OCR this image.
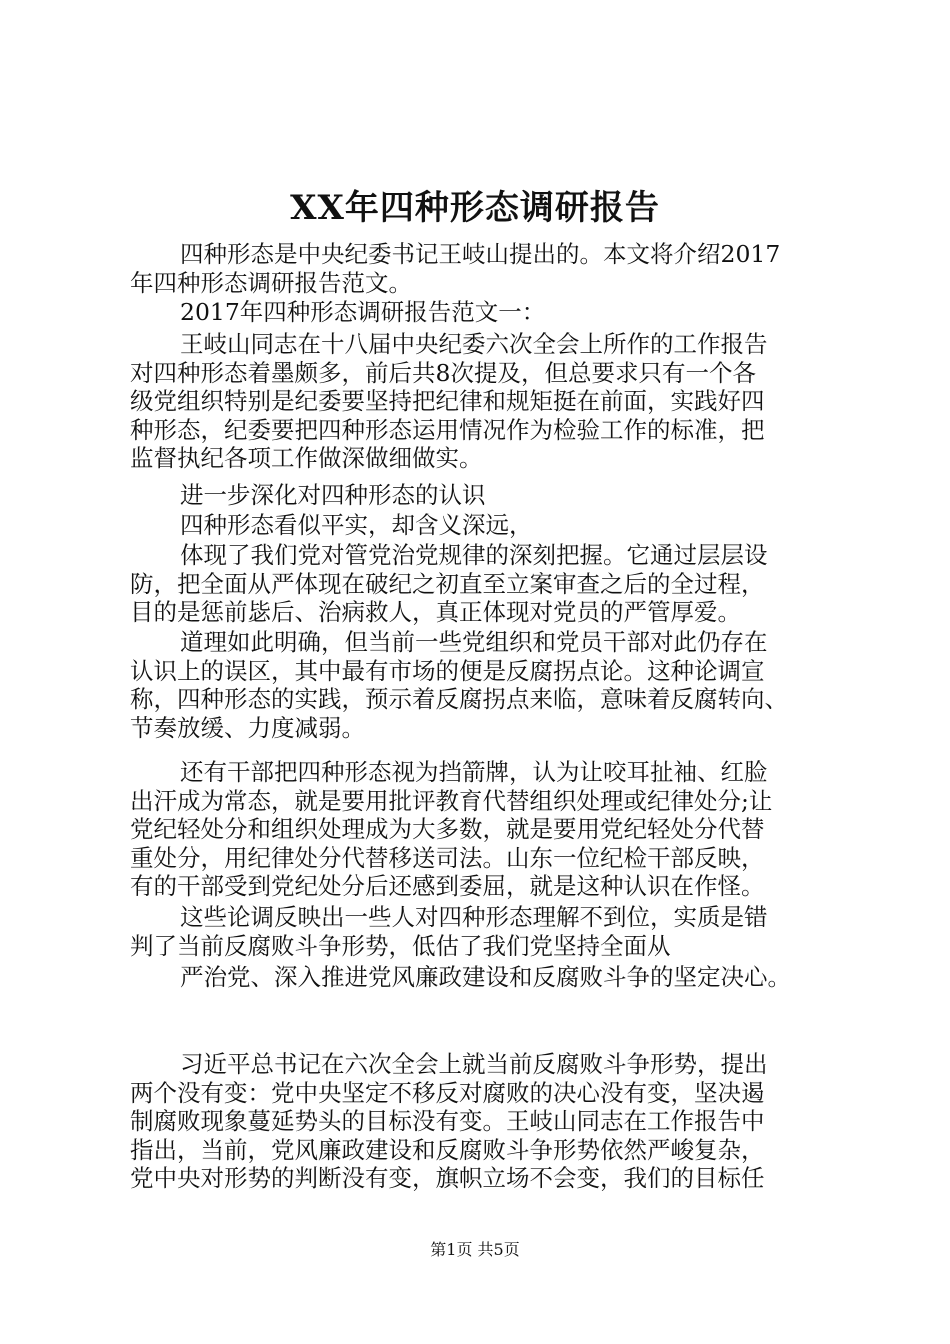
XX年四种形态调研报告
四种形态是中央纪委书记王岐山提出的。本文将介绍2017
年四种形态调研报告范文。
2017年四种形态调研报告范文一：
王岐山同志在十八届中央纪委六次全会上所作的工作报告
对四种形态着墨颇多，前后共8次提及，但总要求只有一个各
级党组织特别是纪委要坚持把纪律和规矩挺在前面，实践好四
种形态，纪委要把四种形态运用情况作为检验工作的标准，把
监督执纪各项工作做深做细做实。
进一步深化对四种形态的认识
四种形态看似平实，却含义深远，
体现了我们党对管党治党规律的深刻把握。它通过层层设
防，把全面从严体现在破纪之初直至立案审查之后的全过程，
目的是惩前毖后、治病救人，真正体现对党员的严管厚爱。
道理如此明确，但当前一些党组织和党员干部对此仍存在
认识上的误区，其中最有市场的便是反腐拐点论。这种论调宣
称，四种形态的实践，预示着反腐拐点来临，意味着反腐转向、
节奏放缓、力度减弱。
还有干部把四种形态视为挡箭牌，认为让咬耳扯袖、红脸
出汗成为常态，就是要用批评教育代替组织处理或纪律处分;让
党纪轻处分和组织处理成为大多数，就是要用党纪轻处分代替
重处分，用纪律处分代替移送司法。山东一位纪检干部反映，
有的干部受到党纪处分后还感到委屈，就是这种认识在作怪。
这些论调反映出一些人对四种形态理解不到位，实质是错
判了当前反腐败斗争形势，低估了我们党坚持全面从
严治党、深入推进党风廉政建设和反腐败斗争的坚定决心。
习近平总书记在六次全会上就当前反腐败斗争形势，提出
两个没有变：党中央坚定不移反对腐败的决心没有变，坚决遏
制腐败现象蔓延势头的目标没有变。王岐山同志在工作报告中
指出，当前，党风廉政建设和反腐败斗争形势依然严峻复杂，
党中央对形势的判断没有变，旗帜立场不会变，我们的目标任
第1页 共5页
